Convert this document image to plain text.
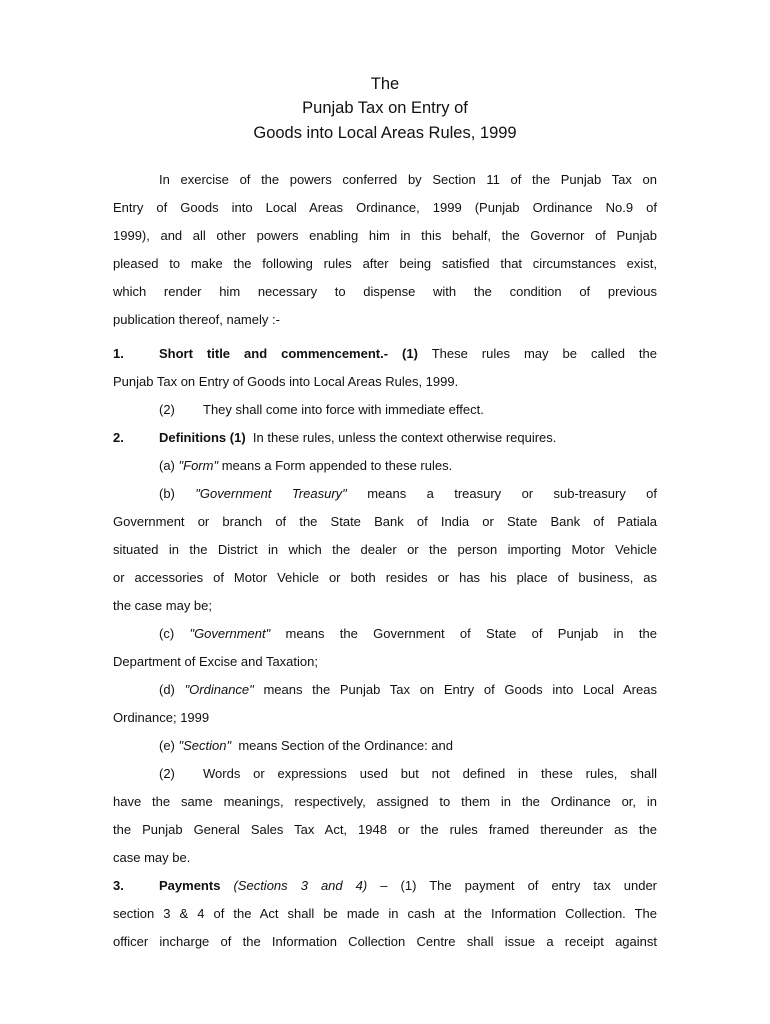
The
Punjab Tax on Entry of
Goods into Local Areas Rules, 1999
In exercise of the powers conferred by Section 11 of the Punjab Tax on
Entry of Goods into Local Areas Ordinance, 1999 (Punjab Ordinance No.9 of
1999), and all other powers enabling him in this behalf, the Governor of Punjab
pleased to make the following rules after being satisfied that circumstances exist,
which render him necessary to dispense with the condition of previous
publication thereof, namely :-
1.	Short title and commencement.- (1) These rules may be called the
Punjab Tax on Entry of Goods into Local Areas Rules, 1999.
(2) They shall come into force with immediate effect.
2.	Definitions (1) In these rules, unless the context otherwise requires.
(a) "Form" means a Form appended to these rules.
(b) "Government Treasury" means a treasury or sub-treasury of
Government or branch of the State Bank of India or State Bank of Patiala
situated in the District in which the dealer or the person importing Motor Vehicle
or accessories of Motor Vehicle or both resides or has his place of business, as
the case may be;
(c) "Government" means the Government of State of Punjab in the
Department of Excise and Taxation;
(d) "Ordinance" means the Punjab Tax on Entry of Goods into Local Areas
Ordinance; 1999
(e) "Section" means Section of the Ordinance: and
(2) Words or expressions used but not defined in these rules, shall
have the same meanings, respectively, assigned to them in the Ordinance or, in
the Punjab General Sales Tax Act, 1948 or the rules framed thereunder as the
case may be.
3.	Payments (Sections 3 and 4) – (1) The payment of entry tax under
section 3 & 4 of the Act shall be made in cash at the Information Collection. The
officer incharge of the Information Collection Centre shall issue a receipt against
